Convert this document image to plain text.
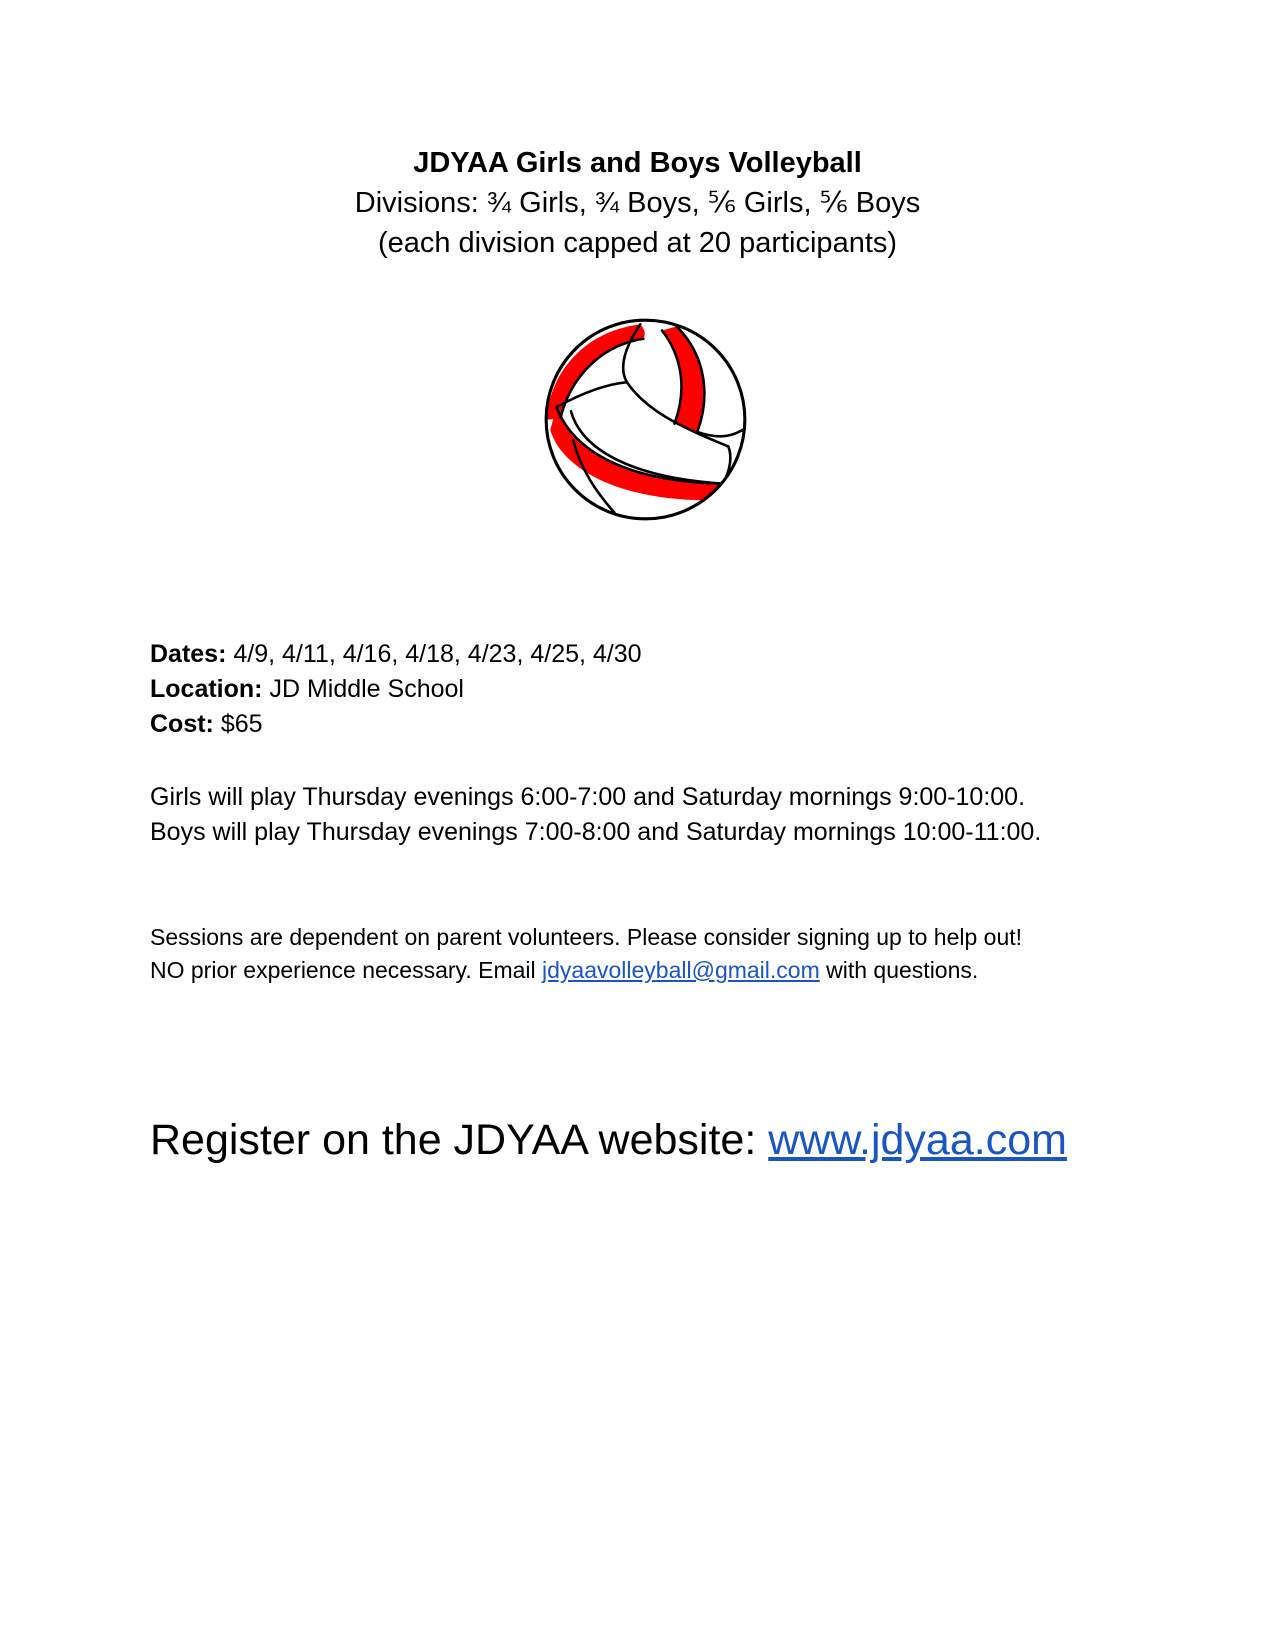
JDYAA Girls and Boys Volleyball

Divisions: ¾ Girls, ¾ Boys, ⅚ Girls, ⅚ Boys

(each division capped at 20 participants)

Dates: 4/9, 4/11, 4/16, 4/18, 4/23, 4/25, 4/30
Location: JD Middle School
Cost: $65
Girls will play Thursday evenings 6:00-7:00 and Saturday mornings 9:00-10:00.
Boys will play Thursday evenings 7:00-8:00 and Saturday mornings 10:00-11:00.
Sessions are dependent on parent volunteers. Please consider signing up to help out!
NO prior experience necessary. Email jdyaavolleyball@gmail.com with questions.
Register on the JDYAA website: www.jdyaa.com
